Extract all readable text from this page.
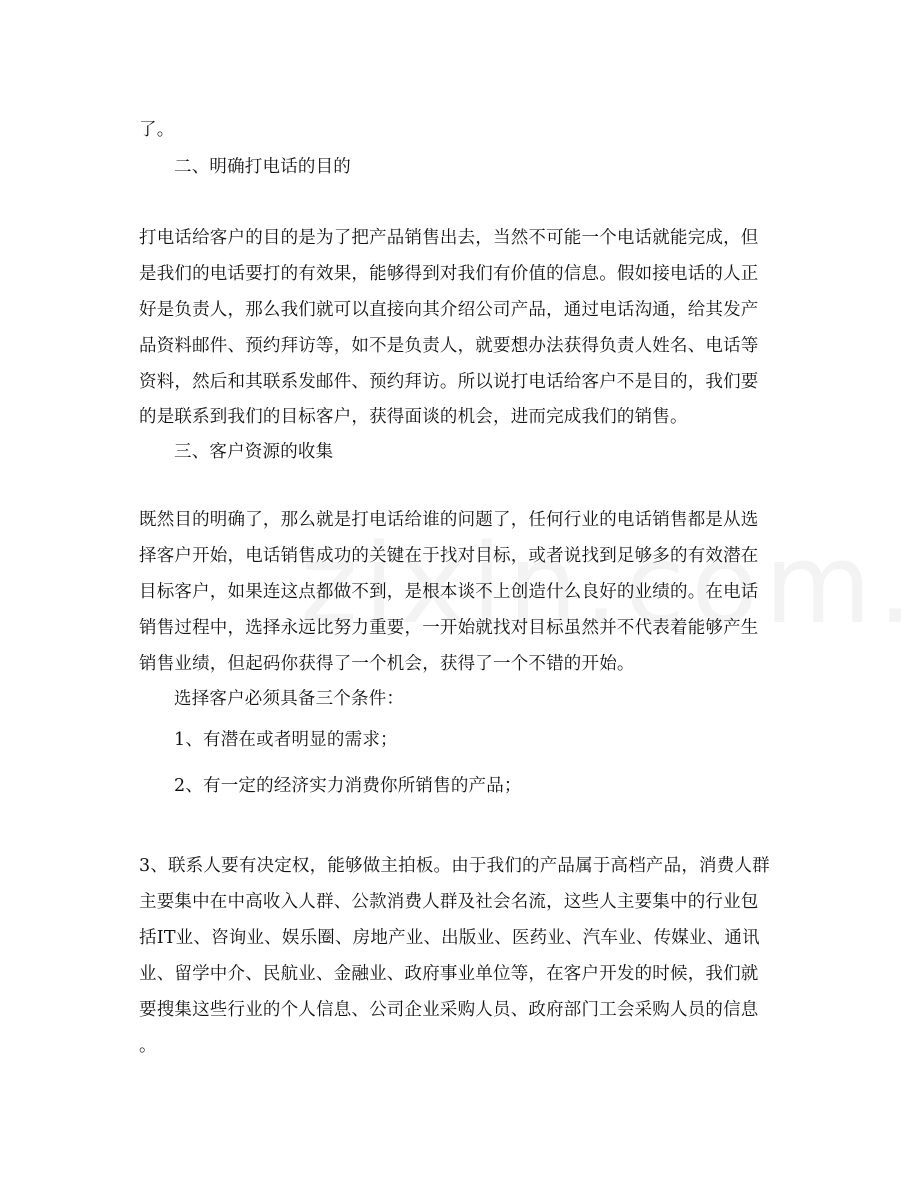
了。
二、明确打电话的目的
打电话给客户的目的是为了把产品销售出去，当然不可能一个电话就能完成，但
是我们的电话要打的有效果，能够得到对我们有价值的信息。假如接电话的人正
好是负责人，那么我们就可以直接向其介绍公司产品，通过电话沟通，给其发产
品资料邮件、预约拜访等，如不是负责人，就要想办法获得负责人姓名、电话等
资料，然后和其联系发邮件、预约拜访。所以说打电话给客户不是目的，我们要
的是联系到我们的目标客户，获得面谈的机会，进而完成我们的销售。
三、客户资源的收集
既然目的明确了，那么就是打电话给谁的问题了，任何行业的电话销售都是从选
择客户开始，电话销售成功的关键在于找对目标，或者说找到足够多的有效潜在
目标客户，如果连这点都做不到，是根本谈不上创造什么良好的业绩的。在电话
销售过程中，选择永远比努力重要，一开始就找对目标虽然并不代表着能够产生
销售业绩，但起码你获得了一个机会，获得了一个不错的开始。
选择客户必须具备三个条件：
1、有潜在或者明显的需求；
2、有一定的经济实力消费你所销售的产品；
3、联系人要有决定权，能够做主拍板。由于我们的产品属于高档产品，消费人群
主要集中在中高收入人群、公款消费人群及社会名流，这些人主要集中的行业包
括IT业、咨询业、娱乐圈、房地产业、出版业、医药业、汽车业、传媒业、通讯
业、留学中介、民航业、金融业、政府事业单位等，在客户开发的时候，我们就
要搜集这些行业的个人信息、公司企业采购人员、政府部门工会采购人员的信息
。
